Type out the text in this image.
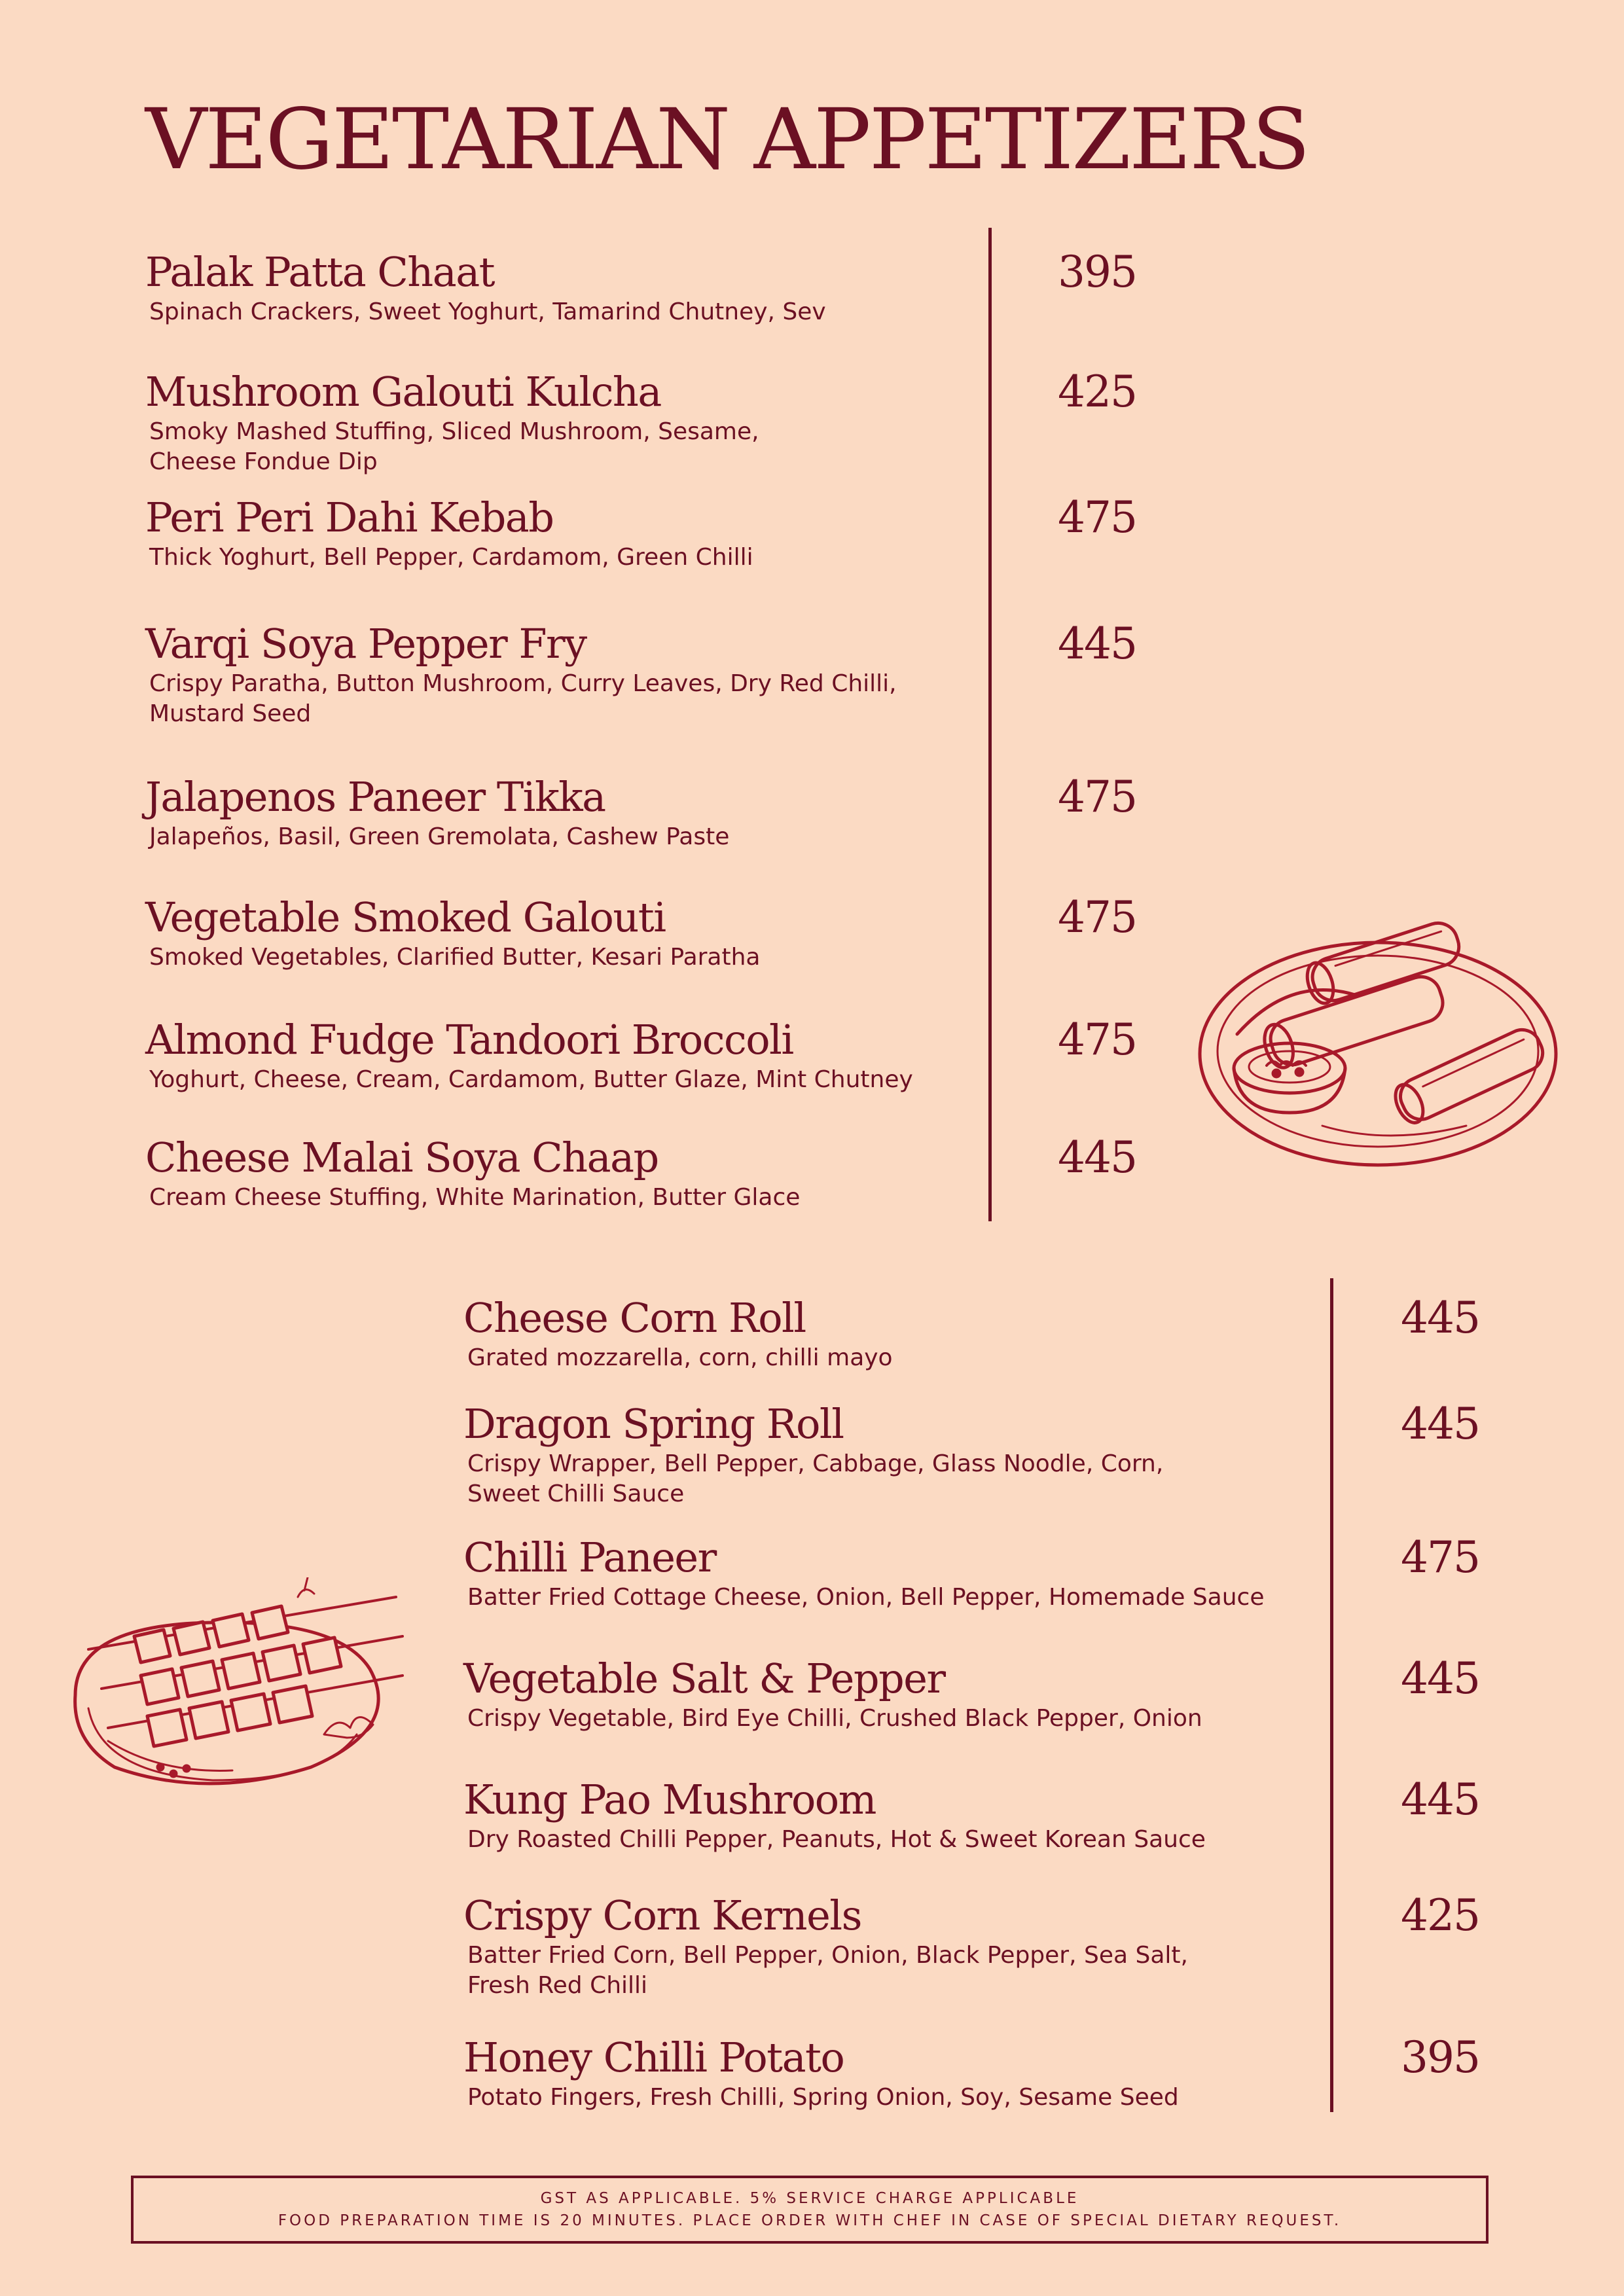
VEGETARIAN APPETIZERS
Palak Patta Chaat
Spinach Crackers, Sweet Yoghurt, Tamarind Chutney, Sev
395
Mushroom Galouti Kulcha
Smoky Mashed Stuffing, Sliced Mushroom, Sesame,
Cheese Fondue Dip
425
Peri Peri Dahi Kebab
Thick Yoghurt, Bell Pepper, Cardamom, Green Chilli
475
Varqi Soya Pepper Fry
Crispy Paratha, Button Mushroom, Curry Leaves, Dry Red Chilli,
Mustard Seed
445
Jalapenos Paneer Tikka
Jalapeños, Basil, Green Gremolata, Cashew Paste
475
Vegetable Smoked Galouti
Smoked Vegetables, Clarified Butter, Kesari Paratha
475
Almond Fudge Tandoori Broccoli
Yoghurt, Cheese, Cream, Cardamom, Butter Glaze, Mint Chutney
475
Cheese Malai Soya Chaap
Cream Cheese Stuffing, White Marination, Butter Glace
445
Cheese Corn Roll
Grated mozzarella, corn, chilli mayo
445
Dragon Spring Roll
Crispy Wrapper, Bell Pepper, Cabbage, Glass Noodle, Corn,
Sweet Chilli Sauce
445
Chilli Paneer
Batter Fried Cottage Cheese, Onion, Bell Pepper, Homemade Sauce
475
Vegetable Salt & Pepper
Crispy Vegetable, Bird Eye Chilli, Crushed Black Pepper, Onion
445
Kung Pao Mushroom
Dry Roasted Chilli Pepper, Peanuts, Hot & Sweet Korean Sauce
445
Crispy Corn Kernels
Batter Fried Corn, Bell Pepper, Onion, Black Pepper, Sea Salt,
Fresh Red Chilli
425
Honey Chilli Potato
Potato Fingers, Fresh Chilli, Spring Onion, Soy, Sesame Seed
395
GST AS APPLICABLE. 5% SERVICE CHARGE APPLICABLE
FOOD PREPARATION TIME IS 20 MINUTES. PLACE ORDER WITH CHEF IN CASE OF SPECIAL DIETARY REQUEST.
